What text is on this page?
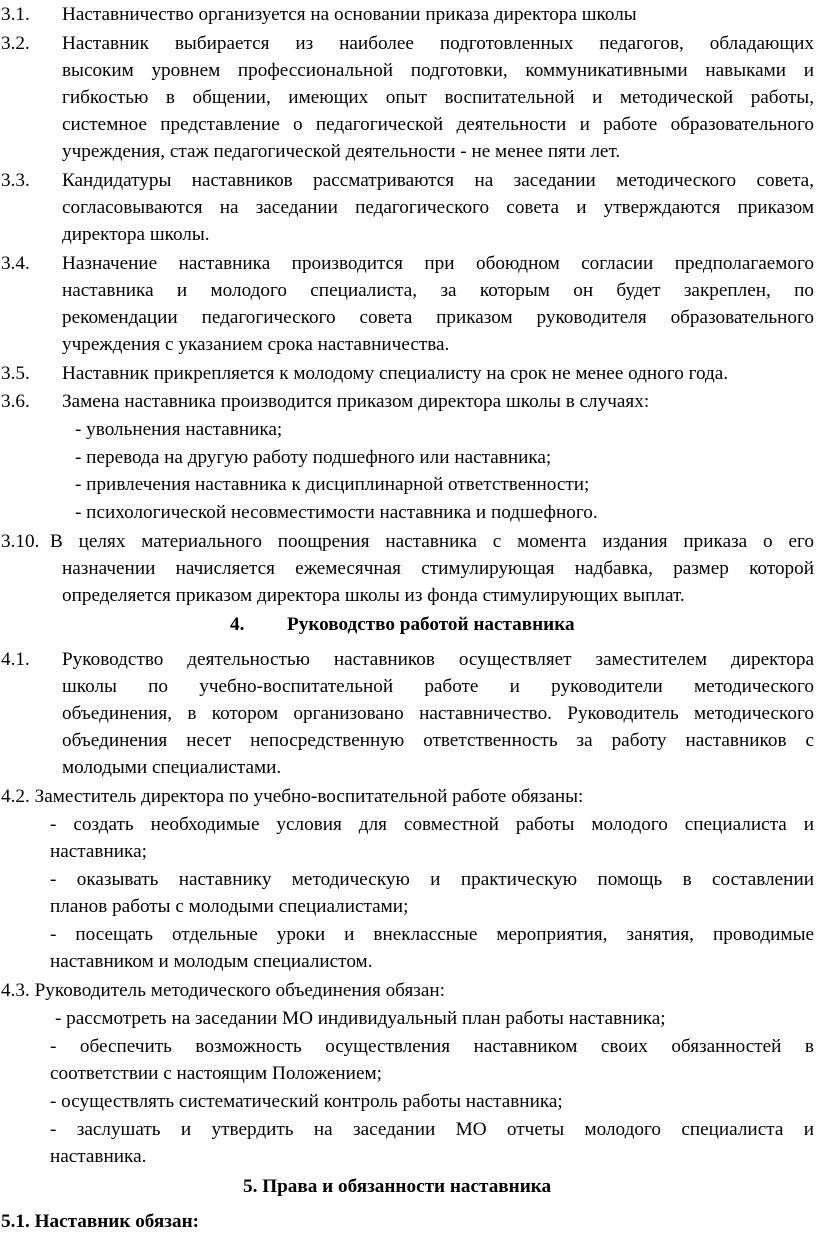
3.1. Наставничество организуется на основании приказа директора школы
3.2. Наставник выбирается из наиболее подготовленных педагогов, обладающих
высоким уровнем профессиональной подготовки, коммуникативными навыками и
гибкостью в общении, имеющих опыт воспитательной и методической работы,
системное представление о педагогической деятельности и работе образовательного
учреждения, стаж педагогической деятельности - не менее пяти лет.
3.3. Кандидатуры наставников рассматриваются на заседании методического совета,
согласовываются на заседании педагогического совета и утверждаются приказом
директора школы.
3.4. Назначение наставника производится при обоюдном согласии предполагаемого
наставника и молодого специалиста, за которым он будет закреплен, по
рекомендации педагогического совета приказом руководителя образовательного
учреждения с указанием срока наставничества.
3.5. Наставник прикрепляется к молодому специалисту на срок не менее одного года.
3.6. Замена наставника производится приказом директора школы в случаях:
- увольнения наставника;
- перевода на другую работу подшефного или наставника;
- привлечения наставника к дисциплинарной ответственности;
- психологической несовместимости наставника и подшефного.
3.10. В целях материального поощрения наставника с момента издания приказа о его
назначении начисляется ежемесячная стимулирующая надбавка, размер которой
определяется приказом директора школы из фонда стимулирующих выплат.
4. Руководство работой наставника
4.1. Руководство деятельностью наставников осуществляет заместителем директора
школы по учебно-воспитательной работе и руководители методического
объединения, в котором организовано наставничество. Руководитель методического
объединения несет непосредственную ответственность за работу наставников с
молодыми специалистами.
4.2. Заместитель директора по учебно-воспитательной работе обязаны:
- создать необходимые условия для совместной работы молодого специалиста и
наставника;
- оказывать наставнику методическую и практическую помощь в составлении
планов работы с молодыми специалистами;
- посещать отдельные уроки и внеклассные мероприятия, занятия, проводимые
наставником и молодым специалистом.
4.3. Руководитель методического объединения обязан:
- рассмотреть на заседании МО индивидуальный план работы наставника;
- обеспечить возможность осуществления наставником своих обязанностей в
соответствии с настоящим Положением;
- осуществлять систематический контроль работы наставника;
- заслушать и утвердить на заседании МО отчеты молодого специалиста и
наставника.
5. Права и обязанности наставника
5.1. Наставник обязан:
